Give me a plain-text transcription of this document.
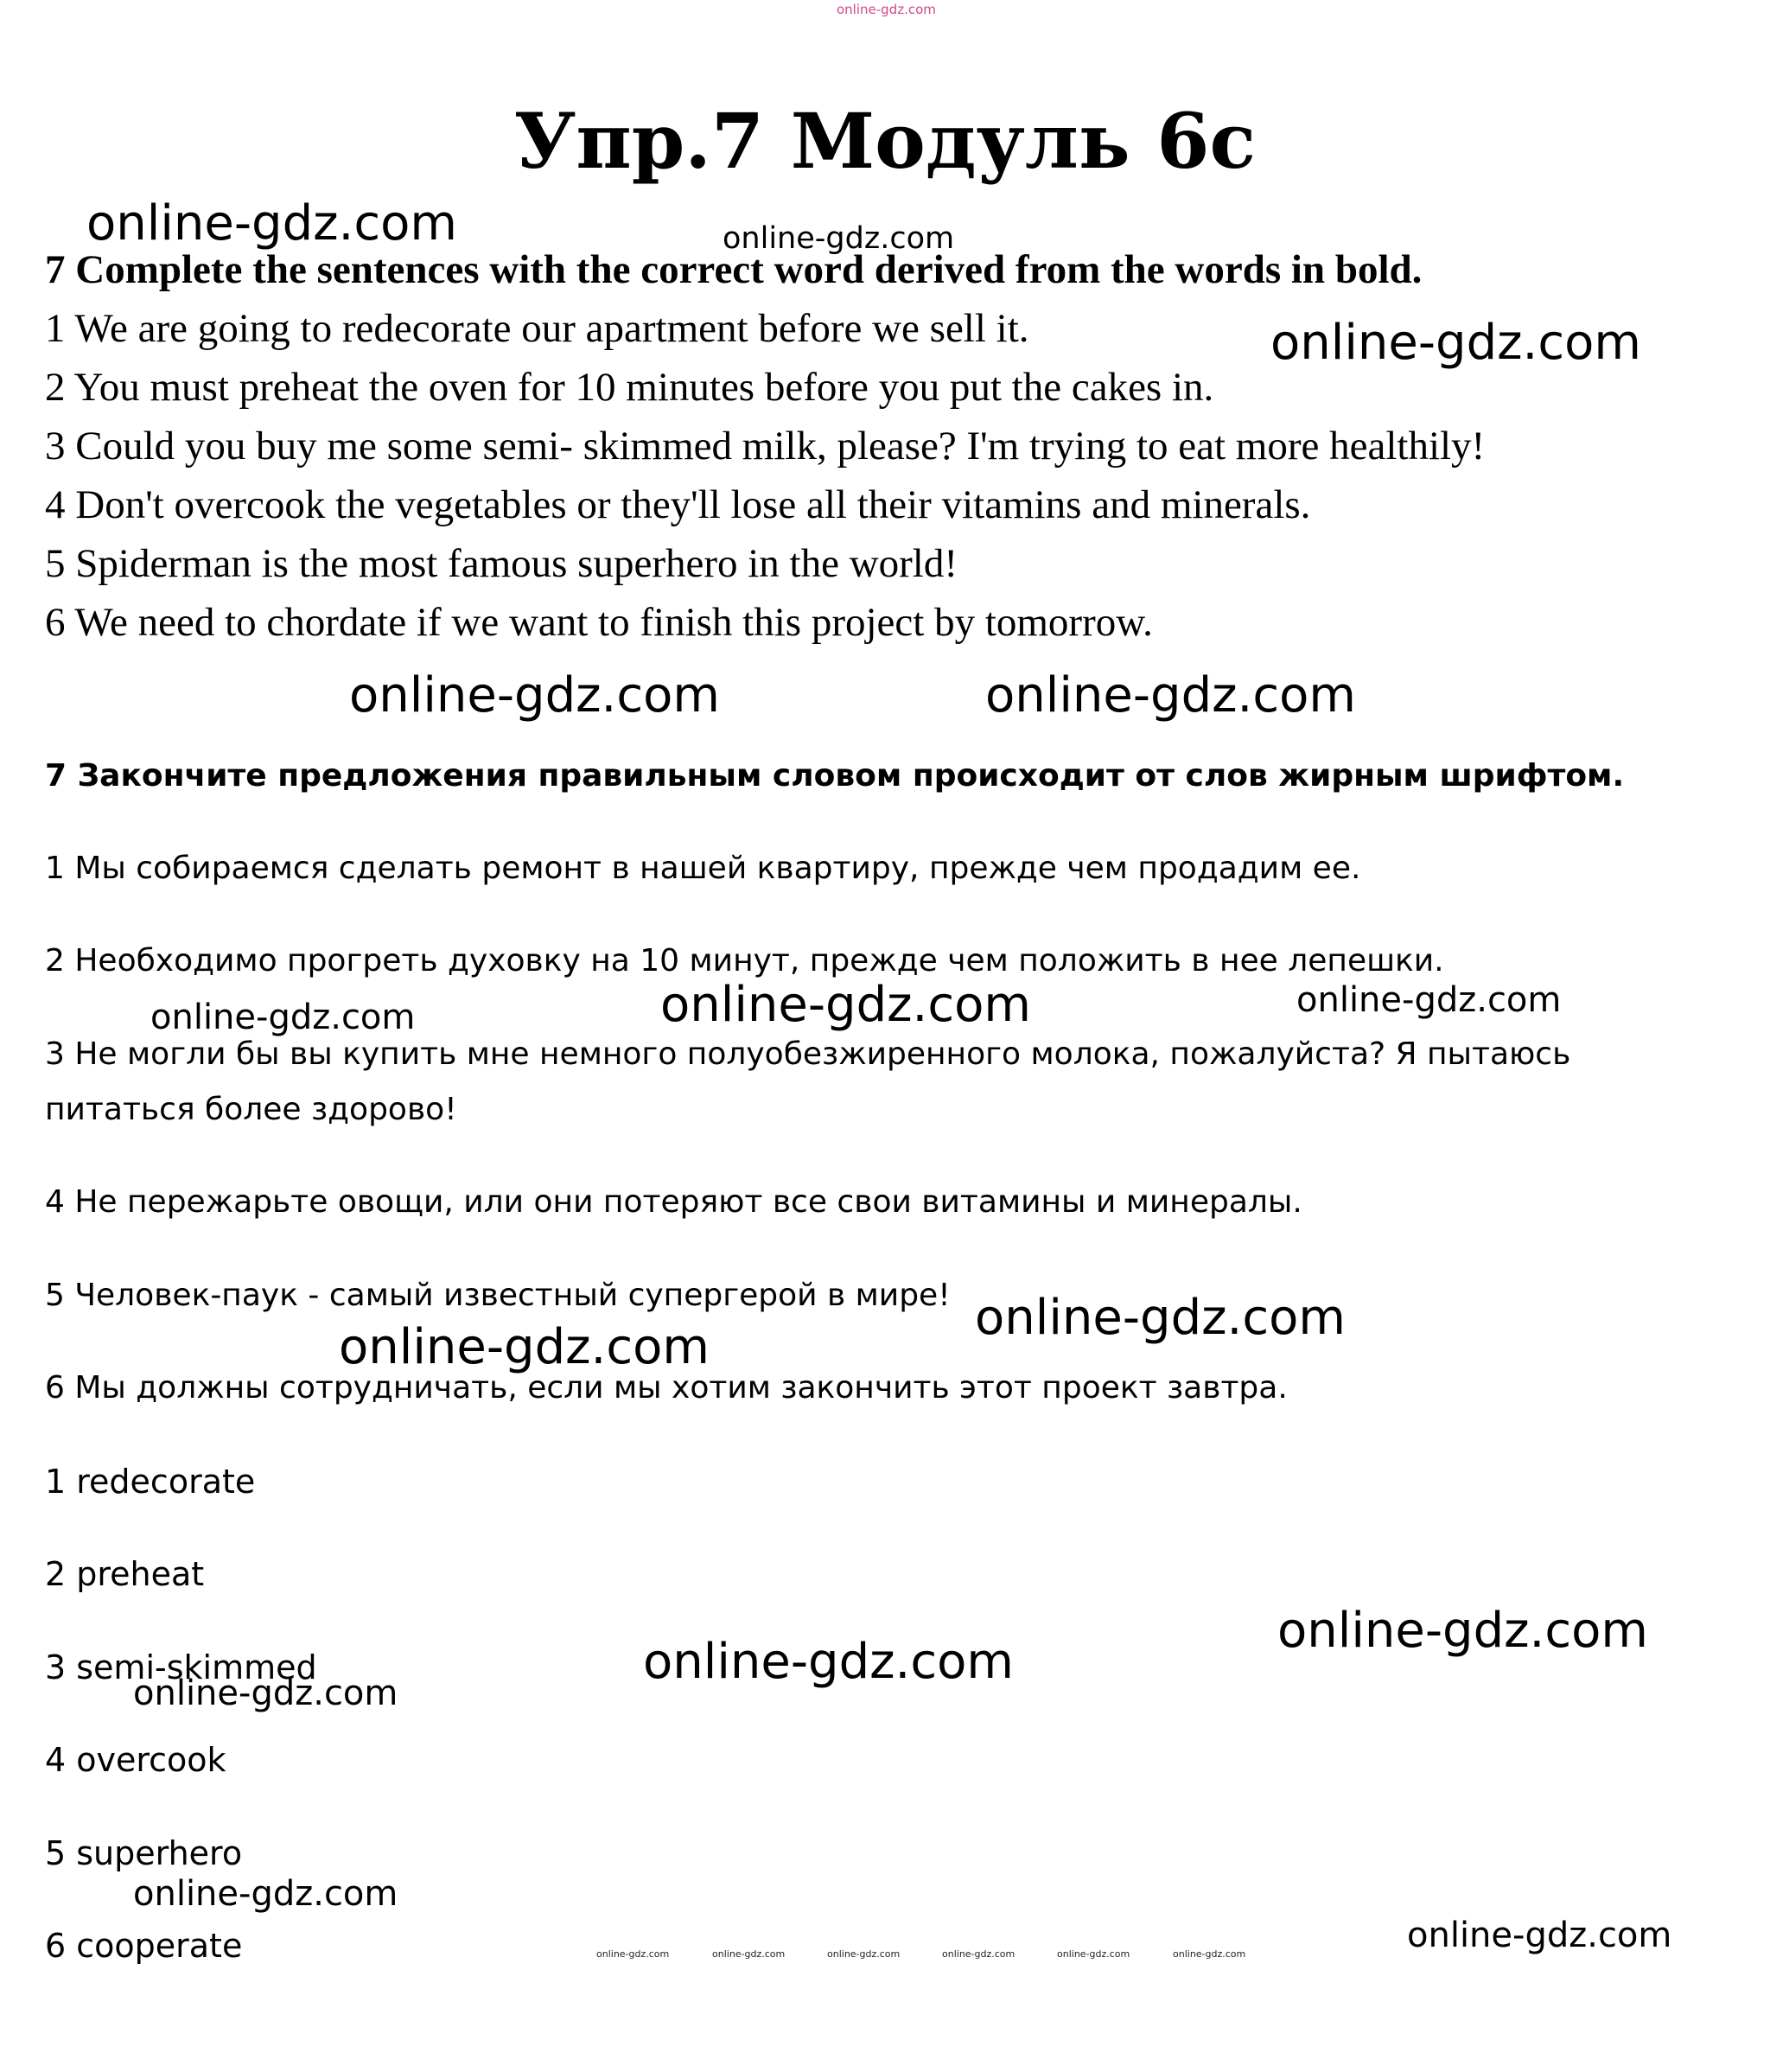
online-gdz.com
Упр.7 Модуль 6с
7 Complete the sentences with the correct word derived from the words in bold.
1 We are going to redecorate our apartment before we sell it.
2 You must preheat the oven for 10 minutes before you put the cakes in.
3 Could you buy me some semi- skimmed milk, please? I'm trying to eat more healthily!
4 Don't overcook the vegetables or they'll lose all their vitamins and minerals.
5 Spiderman is the most famous superhero in the world!
6 We need to chordate if we want to finish this project by tomorrow.
7 Закончите предложения правильным словом происходит от слов жирным шрифтом.
1 Мы собираемся сделать ремонт в нашей квартиру, прежде чем продадим ее.
2 Необходимо прогреть духовку на 10 минут, прежде чем положить в нее лепешки.
3 Не могли бы вы купить мне немного полуобезжиренного молока, пожалуйста? Я пытаюсь
питаться более здорово!
4 Не пережарьте овощи, или они потеряют все свои витамины и минералы.
5 Человек-паук - самый известный супергерой в мире!
6 Мы должны сотрудничать, если мы хотим закончить этот проект завтра.
1 redecorate
2 preheat
3 semi-skimmed
4 overcook
5 superhero
6 cooperate
online-gdz.com	online-gdz.com
online-gdz.com
online-gdz.com	online-gdz.com
online-gdz.com	online-gdz.com	online-gdz.com
online-gdz.com
online-gdz.com
online-gdz.com
online-gdz.com
online-gdz.com
online-gdz.com
online-gdz.com
online-gdz.com	online-gdz.com	online-gdz.com	online-gdz.com	online-gdz.com	online-gdz.com
